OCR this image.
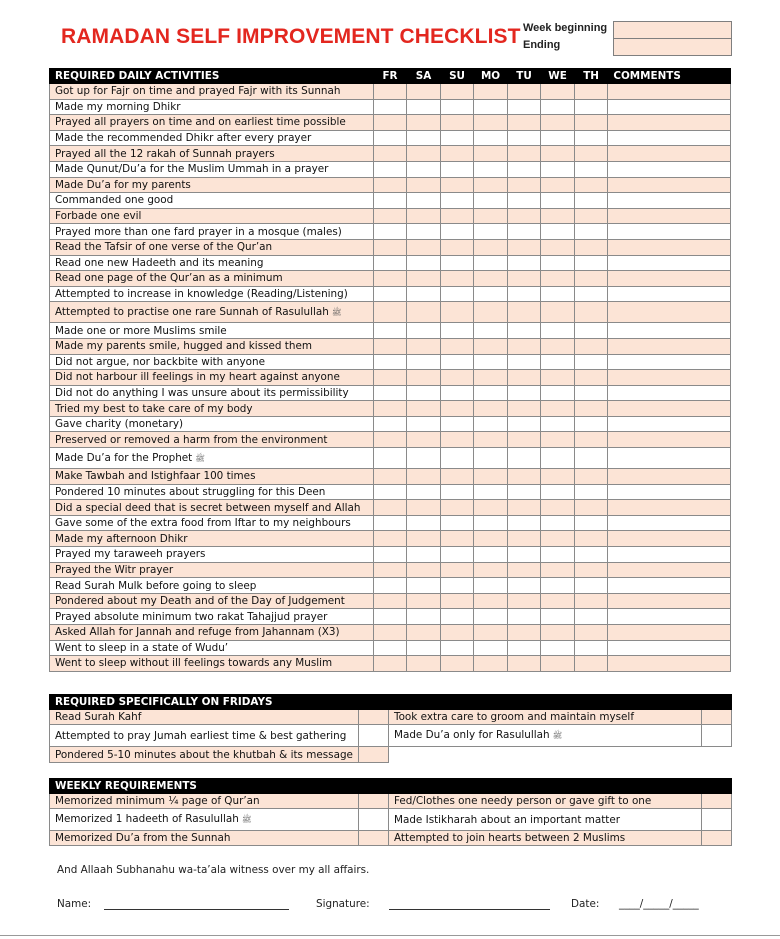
RAMADAN SELF IMPROVEMENT CHECKLIST Week beginning
Ending
REQUIRED DAILY ACTIVITIES	FR	SA	SU	MO	TU	WE	TH	COMMENTS
Got up for Fajr on time and prayed Fajr with its Sunnah								
Made my morning Dhikr								
Prayed all prayers on time and on earliest time possible								
Made the recommended Dhikr after every prayer								
Prayed all the 12 rakah of Sunnah prayers								
Made Qunut/Du’a for the Muslim Ummah in a prayer								
Made Du’a for my parents								
Commanded one good								
Forbade one evil								
Prayed more than one fard prayer in a mosque (males)								
Read the Tafsir of one verse of the Qur’an								
Read one new Hadeeth and its meaning								
Read one page of the Qur’an as a minimum								
Attempted to increase in knowledge (Reading/Listening)								
Attempted to practise one rare Sunnah of Rasulullah ﷺ								
Made one or more Muslims smile								
Made my parents smile, hugged and kissed them								
Did not argue, nor backbite with anyone								
Did not harbour ill feelings in my heart against anyone								
Did not do anything I was unsure about its permissibility								
Tried my best to take care of my body								
Gave charity (monetary)								
Preserved or removed a harm from the environment								
Made Du’a for the Prophet ﷺ								
Make Tawbah and Istighfaar 100 times								
Pondered 10 minutes about struggling for this Deen								
Did a special deed that is secret between myself and Allah								
Gave some of the extra food from Iftar to my neighbours								
Made my afternoon Dhikr								
Prayed my taraweeh prayers								
Prayed the Witr prayer								
Read Surah Mulk before going to sleep								
Pondered about my Death and of the Day of Judgement								
Prayed absolute minimum two rakat Tahajjud prayer								
Asked Allah for Jannah and refuge from Jahannam (X3)								
Went to sleep in a state of Wudu’								
Went to sleep without ill feelings towards any Muslim								
REQUIRED SPECIFICALLY ON FRIDAYS			
Read Surah Kahf		Took extra care to groom and maintain myself	
Attempted to pray Jumah earliest time & best gathering		Made Du’a only for Rasulullah ﷺ	
Pondered 5-10 minutes about the khutbah & its message			
WEEKLY REQUIREMENTS			
Memorized minimum ¼ page of Qur’an		Fed/Clothes one needy person or gave gift to one	
Memorized 1 hadeeth of Rasulullah ﷺ		Made Istikharah about an important matter	
Memorized Du’a from the Sunnah		Attempted to join hearts between 2 Muslims	
And Allaah Subhanahu wa-ta’ala witness over my all affairs.
Name:	Signature:	Date: ____/_____/_____
